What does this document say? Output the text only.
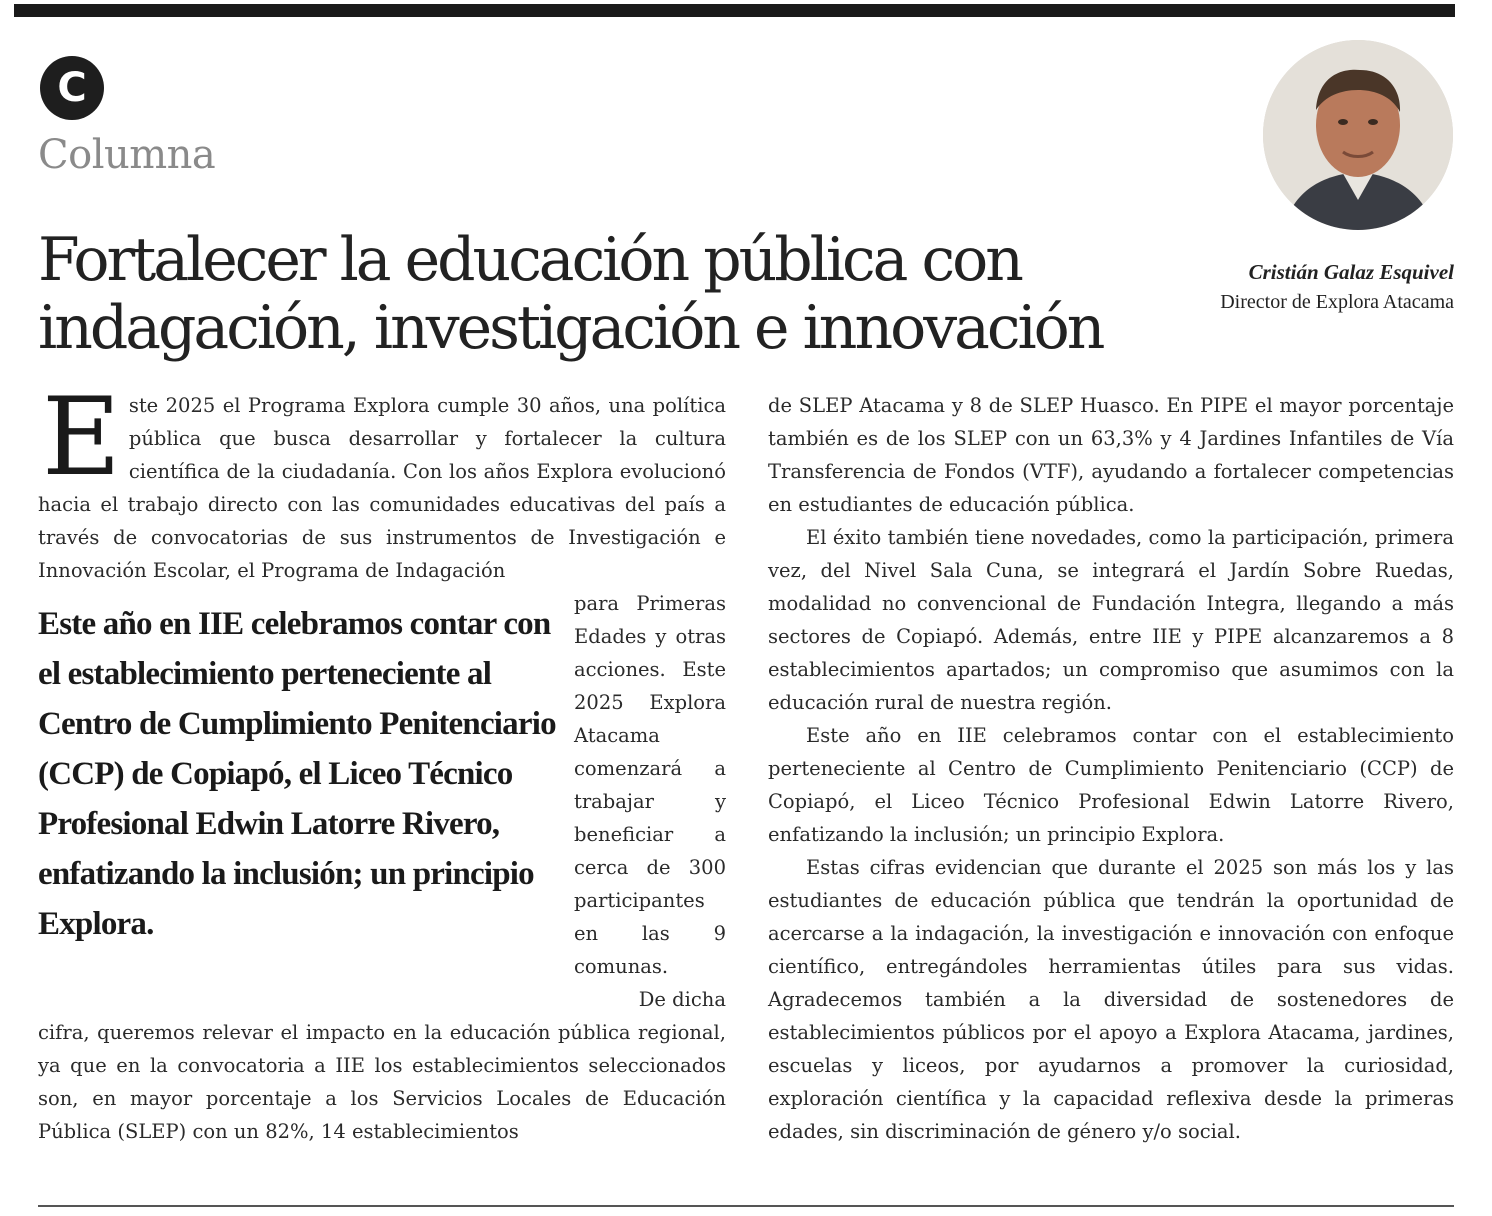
C
Columna
Fortalecer la educación pública con
indagación, investigación e innovación
Cristián Galaz Esquivel
Director de Explora Atacama

E ste 2025 el Programa Explora cumple 30 años, una política pública que busca desarrollar y fortalecer la cultura científica de la ciudadanía. Con los años Explora evolucionó hacia el trabajo directo con las comunidades educativas del país a través de convocatorias de sus instrumentos de Investigación e Innovación Escolar, el Programa de Indagación

Este año en IIE celebramos contar con el establecimiento perteneciente al Centro de Cumplimiento Penitenciario (CCP) de Copiapó, el Liceo Técnico Profesional Edwin Latorre Rivero, enfatizando la inclusión; un principio Explora.

para Primeras Edades y otras acciones. Este 2025 Explora Atacama comenzará a trabajar y beneficiar a cerca de 300 participantes en las 9 comunas.

De dicha

cifra, queremos relevar el impacto en la educación pública regional, ya que en la convocatoria a IIE los establecimientos seleccionados son, en mayor porcentaje a los Servicios Locales de Educación Pública (SLEP) con un 82%, 14 establecimientos

de SLEP Atacama y 8 de SLEP Huasco. En PIPE el mayor porcentaje también es de los SLEP con un 63,3% y 4 Jardines Infantiles de Vía Transferencia de Fondos (VTF), ayudando a fortalecer competencias en estudiantes de educación pública.

El éxito también tiene novedades, como la participación, primera vez, del Nivel Sala Cuna, se integrará el Jardín Sobre Ruedas, modalidad no convencional de Fundación Integra, llegando a más sectores de Copiapó. Además, entre IIE y PIPE alcanzaremos a 8 establecimientos apartados; un compromiso que asumimos con la educación rural de nuestra región.

Este año en IIE celebramos contar con el establecimiento perteneciente al Centro de Cumplimiento Penitenciario (CCP) de Copiapó, el Liceo Técnico Profesional Edwin Latorre Rivero, enfatizando la inclusión; un principio Explora.

Estas cifras evidencian que durante el 2025 son más los y las estudiantes de educación pública que tendrán la oportunidad de acercarse a la indagación, la investigación e innovación con enfoque científico, entregándoles herramientas útiles para sus vidas. Agradecemos también a la diversidad de sostenedores de establecimientos públicos por el apoyo a Explora Atacama, jardines, escuelas y liceos, por ayudarnos a promover la curiosidad, exploración científica y la capacidad reflexiva desde la primeras edades, sin discriminación de género y/o social.
